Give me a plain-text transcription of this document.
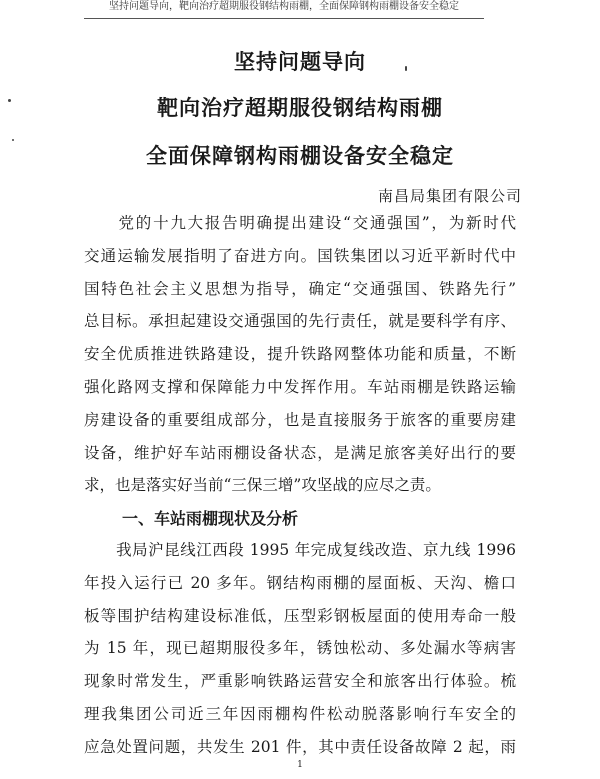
坚持问题导向，靶向治疗超期服役钢结构雨棚，全面保障钢构雨棚设备安全稳定
坚持问题导向
靶向治疗超期服役钢结构雨棚
全面保障钢构雨棚设备安全稳定
南昌局集团有限公司
　　党的十九大报告明确提出建设“交通强国”，为新时代
交通运输发展指明了奋进方向。国铁集团以习近平新时代中
国特色社会主义思想为指导，确定“交通强国、铁路先行”
总目标。承担起建设交通强国的先行责任，就是要科学有序、
安全优质推进铁路建设，提升铁路网整体功能和质量，不断
强化路网支撑和保障能力中发挥作用。车站雨棚是铁路运输
房建设备的重要组成部分，也是直接服务于旅客的重要房建
设备，维护好车站雨棚设备状态，是满足旅客美好出行的要
求，也是落实好当前“三保三增”攻坚战的应尽之责。
一、车站雨棚现状及分析
　　我局沪昆线江西段 1995 年完成复线改造、京九线 1996
年投入运行已 20 多年。钢结构雨棚的屋面板、天沟、檐口
板等围护结构建设标准低，压型彩钢板屋面的使用寿命一般
为 15 年，现已超期服役多年，锈蚀松动、多处漏水等病害
现象时常发生，严重影响铁路运营安全和旅客出行体验。梳
理我集团公司近三年因雨棚构件松动脱落影响行车安全的
应急处置问题，共发生 201 件，其中责任设备故障 2 起，雨
1
